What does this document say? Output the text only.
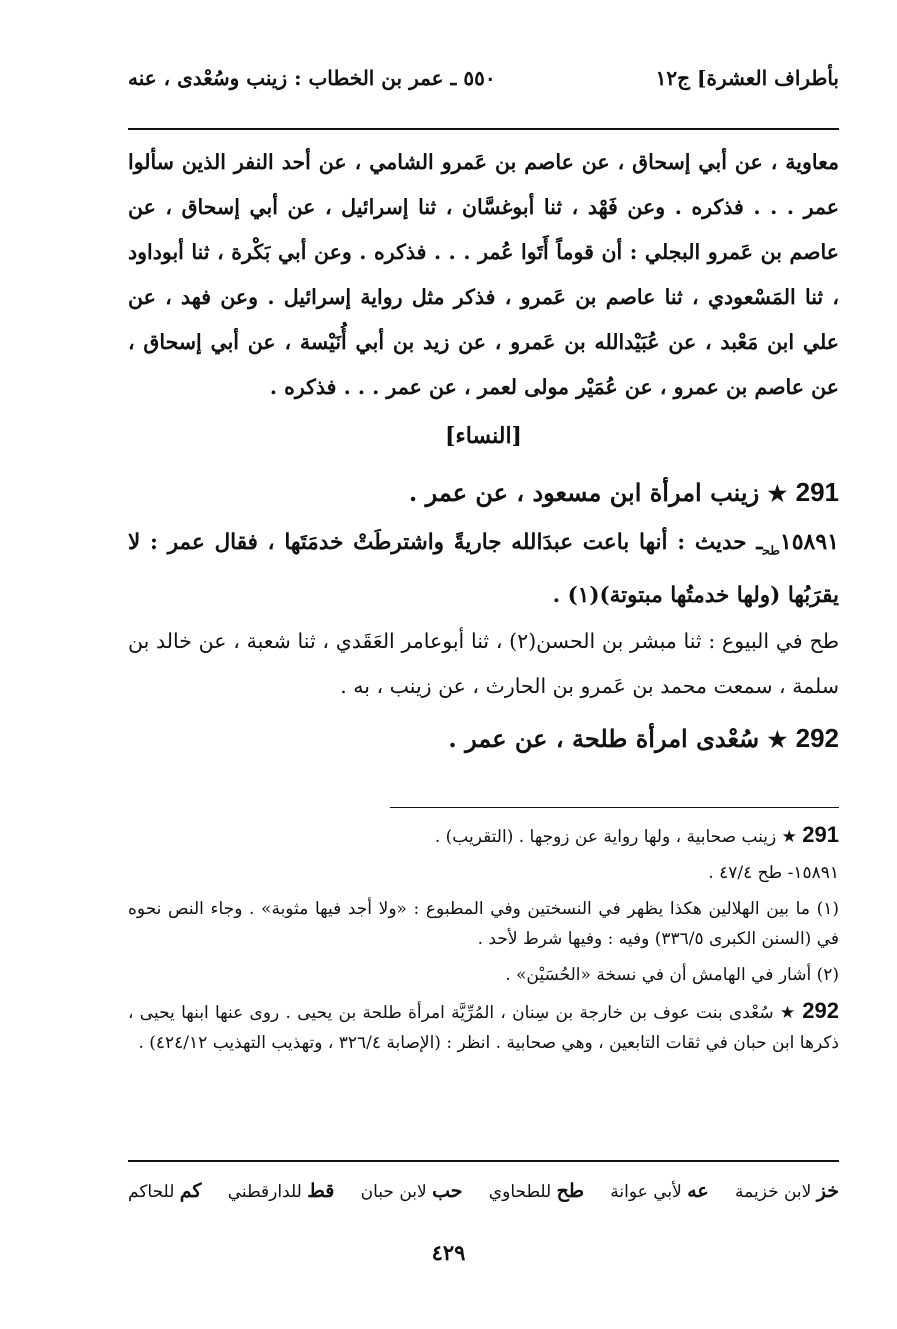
بأطراف العشرة] ج١٢
٥٥٠ ـ عمر بن الخطاب : زينب وسُعْدى ، عنه

معاوية ، عن أبي إسحاق ، عن عاصم بن عَمرو الشامي ، عن أحد النفر الذين سألوا عمر . . . فذكره . وعن فَهْد ، ثنا أبوغسَّان ، ثنا إسرائيل ، عن أبي إسحاق ، عن عاصم بن عَمرو البجلي : أن قوماً أَتَوا عُمر . . . فذكره . وعن أبي بَكْرة ، ثنا أبوداود ، ثنا المَسْعودي ، ثنا عاصم بن عَمرو ، فذكر مثل رواية إسرائيل . وعن فهد ، عن علي ابن مَعْبد ، عن عُبَيْدالله بن عَمرو ، عن زيد بن أبي أُنَيْسة ، عن أبي إسحاق ، عن عاصم بن عمرو ، عن عُمَيْر مولى لعمر ، عن عمر . . . فذكره .

[النساء]

291 ★ زينب امرأة ابن مسعود ، عن عمر .

$١٥٨٩١_{طح}ـ$ حديث : أنها باعت عبدَالله جاريةً واشترطَتْ خدمَتَها ، فقال عمر : لا يقرَبُها (ولها خدمتُها مبتوتة)(١) .

طح في البيوع : ثنا مبشر بن الحسن(٢) ، ثنا أبوعامر العَقَدي ، ثنا شعبة ، عن خالد بن سلمة ، سمعت محمد بن عَمرو بن الحارث ، عن زينب ، به .

292 ★ سُعْدى امرأة طلحة ، عن عمر .

291 ★ زينب صحابية ، ولها رواية عن زوجها . (التقريب) .

١٥٨٩١- طح ٤٧/٤ .

(١) ما بين الهلالين هكذا يظهر في النسختين وفي المطبوع : «ولا أجد فيها مثوبة» . وجاء النص نحوه في (السنن الكبرى ٣٣٦/٥) وفيه : وفيها شرط لأحد .

(٢) أشار في الهامش أن في نسخة «الحُسَيْن» .

292 ★ سُعْدى بنت عوف بن خارجة بن سِنان ، المُرِّيَّة امرأة طلحة بن يحيى . روى عنها ابنها يحيى ، ذكرها ابن حبان في ثقات التابعين ، وهي صحابية . انظر : (الإصابة ٣٢٦/٤ ، وتهذيب التهذيب ٤٢٤/١٢) .

خز لابن خزيمة
عه لأبي عوانة
طح للطحاوي
حب لابن حبان
قط للدارقطني
كم للحاكم
٤٢٩
